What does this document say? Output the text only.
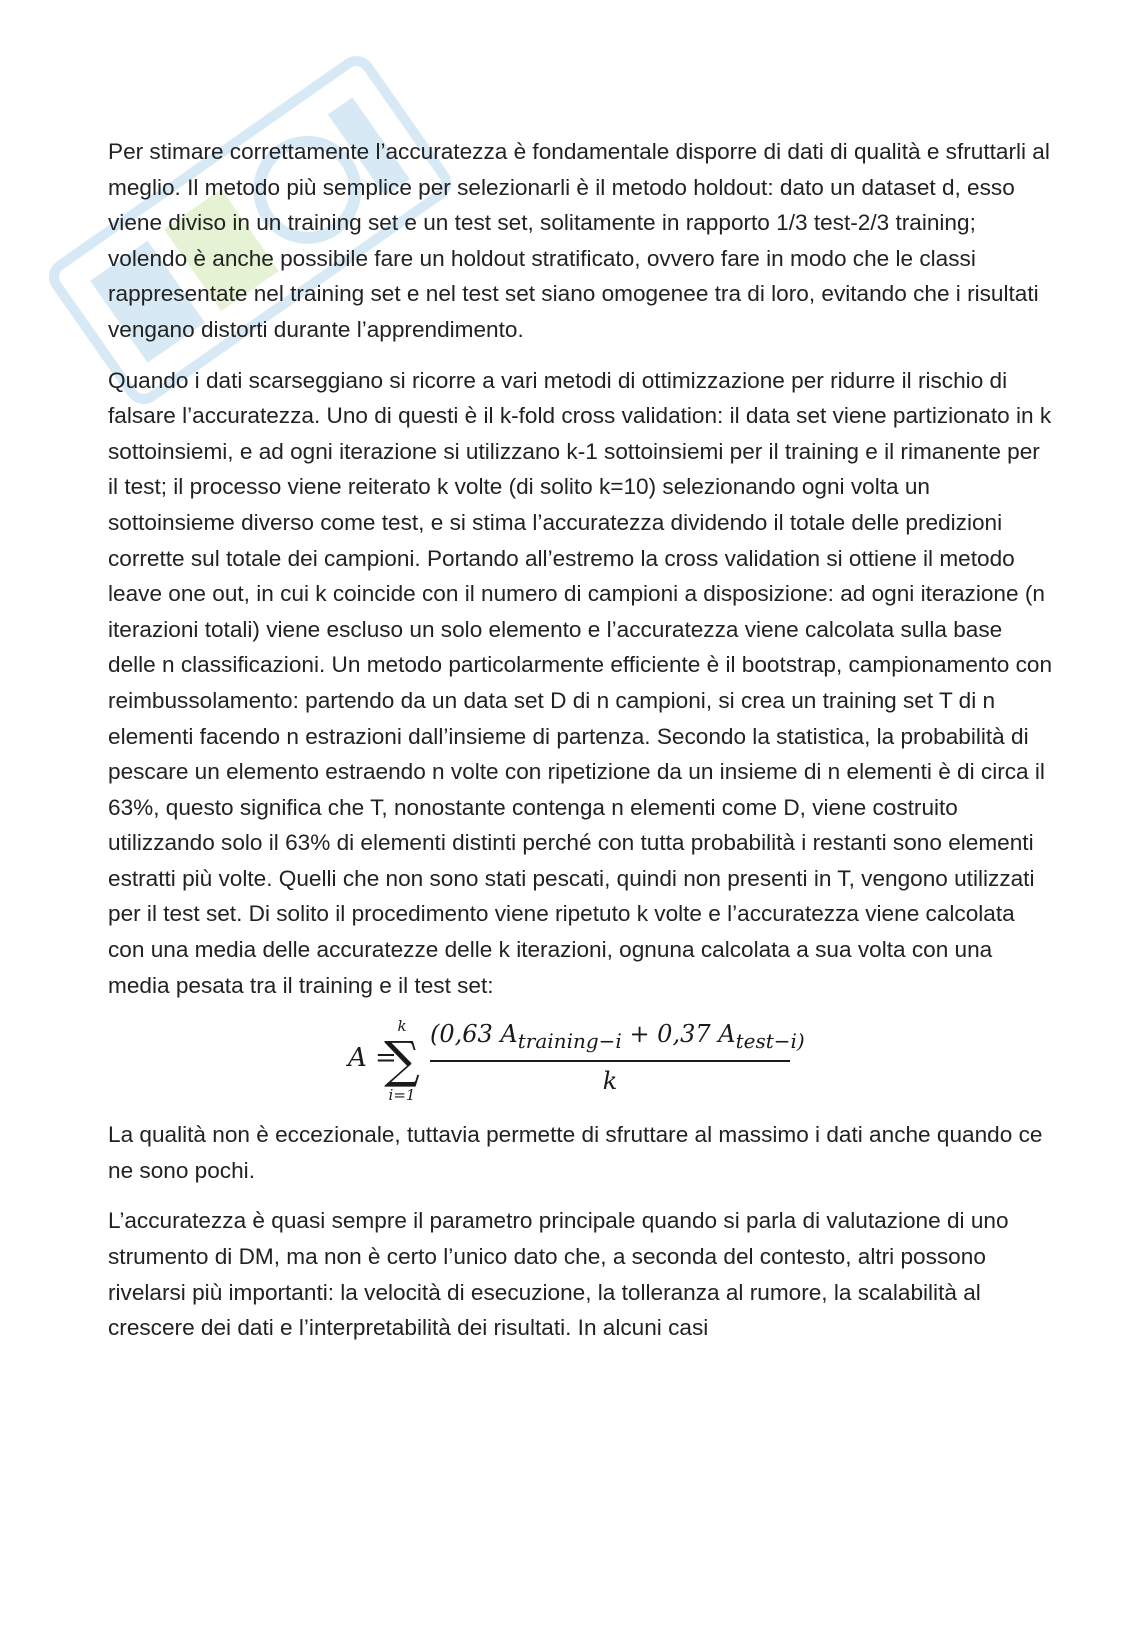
Per stimare correttamente l’accuratezza è fondamentale disporre di dati di qualità e sfruttarli al meglio. Il metodo più semplice per selezionarli è il metodo holdout: dato un dataset d, esso viene diviso in un training set e un test set, solitamente in rapporto 1/3 test-2/3 training; volendo è anche possibile fare un holdout stratificato, ovvero fare in modo che le classi rappresentate nel training set e nel test set siano omogenee tra di loro, evitando che i risultati vengano distorti durante l’apprendimento.

Quando i dati scarseggiano si ricorre a vari metodi di ottimizzazione per ridurre il rischio di falsare l’accuratezza. Uno di questi è il k-fold cross validation: il data set viene partizionato in k sottoinsiemi, e ad ogni iterazione si utilizzano k-1 sottoinsiemi per il training e il rimanente per il test; il processo viene reiterato k volte (di solito k=10) selezionando ogni volta un sottoinsieme diverso come test, e si stima l’accuratezza dividendo il totale delle predizioni corrette sul totale dei campioni. Portando all’estremo la cross validation si ottiene il metodo leave one out, in cui k coincide con il numero di campioni a disposizione: ad ogni iterazione (n iterazioni totali) viene escluso un solo elemento e l’accuratezza viene calcolata sulla base delle n classificazioni. Un metodo particolarmente efficiente è il bootstrap, campionamento con reimbussolamento: partendo da un data set D di n campioni, si crea un training set T di n elementi facendo n estrazioni dall’insieme di partenza. Secondo la statistica, la probabilità di pescare un elemento estraendo n volte con ripetizione da un insieme di n elementi è di circa il 63%, questo significa che T, nonostante contenga n elementi come D, viene costruito utilizzando solo il 63% di elementi distinti perché con tutta probabilità i restanti sono elementi estratti più volte. Quelli che non sono stati pescati, quindi non presenti in T, vengono utilizzati per il test set. Di solito il procedimento viene ripetuto k volte e l’accuratezza viene calcolata con una media delle accuratezze delle k iterazioni, ognuna calcolata a sua volta con una media pesata tra il training e il test set:

A =
k
∑
i=1
(0,63 $A_{training-i} + 0,37$ $A_{test-i)}$
k

La qualità non è eccezionale, tuttavia permette di sfruttare al massimo i dati anche quando ce ne sono pochi.

L’accuratezza è quasi sempre il parametro principale quando si parla di valutazione di uno strumento di DM, ma non è certo l’unico dato che, a seconda del contesto, altri possono rivelarsi più importanti: la velocità di esecuzione, la tolleranza al rumore, la scalabilità al crescere dei dati e l’interpretabilità dei risultati. In alcuni casi
